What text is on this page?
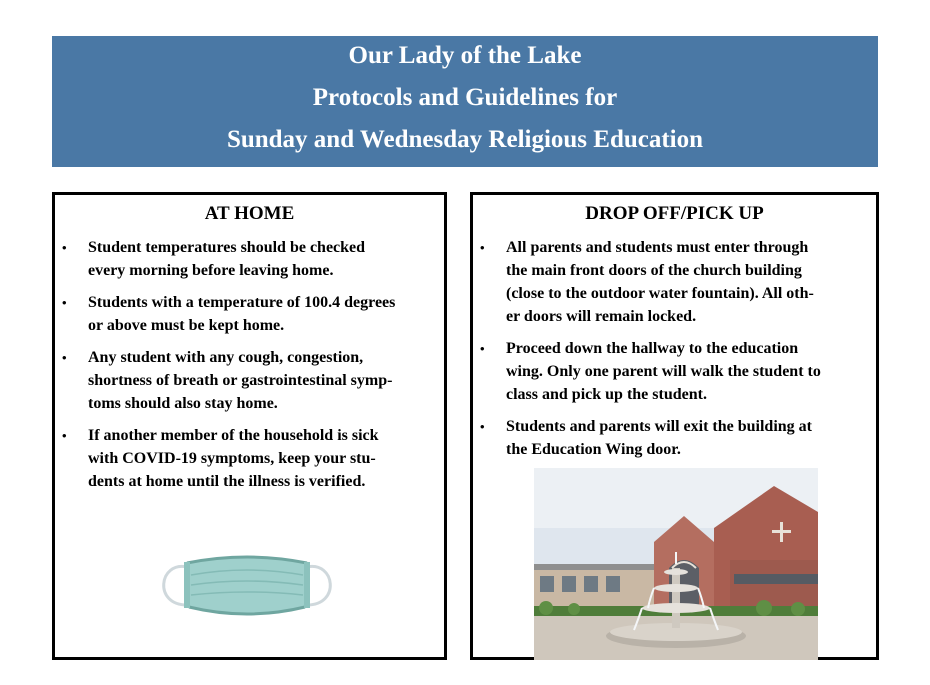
Our Lady of the Lake
Protocols and Guidelines for
Sunday and Wednesday Religious Education
AT HOME
• Student temperatures should be checked
every morning before leaving home.
• Students with a temperature of 100.4 degrees
or above must be kept home.
• Any student with any cough, congestion,
shortness of breath or gastrointestinal symp-
toms should also stay home.
• If another member of the household is sick
with COVID-19 symptoms, keep your stu-
dents at home until the illness is verified.
DROP OFF/PICK UP
• All parents and students must enter through
the main front doors of the church building
(close to the outdoor water fountain). All oth-
er doors will remain locked.
• Proceed down the hallway to the education
wing. Only one parent will walk the student to
class and pick up the student.
• Students and parents will exit the building at
the Education Wing door.
